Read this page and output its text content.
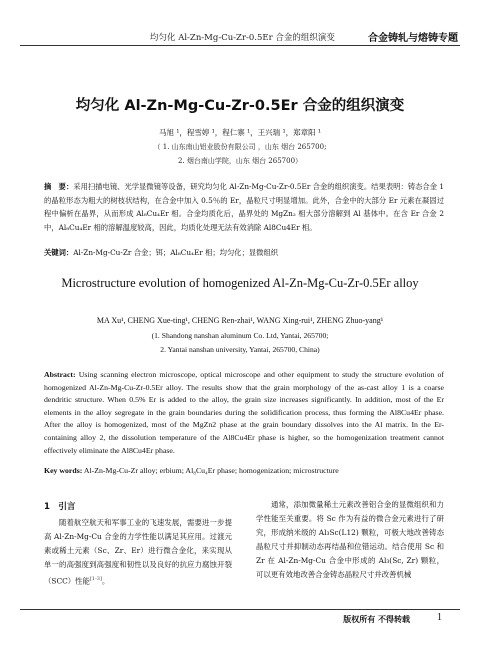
均匀化 Al-Zn-Mg-Cu-Zr-0.5Er 合金的组织演变	合金铸轧与熔铸专题
均匀化 Al-Zn-Mg-Cu-Zr-0.5Er 合金的组织演变
马旭 ¹，程雪婷 ¹，程仁寨 ¹，王兴瑞 ¹，郑章阳 ¹
（ 1. 山东南山铝业股份有限公司 ，山东 烟台 265700;
2. 烟台南山学院，山东 烟台 265700）
摘　要：采用扫描电镜、光学显微镜等设备，研究均匀化 Al-Zn-Mg-Cu-Zr-0.5Er 合金的组织演变。结果表明：铸态合金 1 的晶粒形态为粗大的树枝状结构，在合金中加入 0.5％的 Er，晶粒尺寸明显增加。此外，合金中的大部分 Er 元素在凝固过程中偏析在晶界，从而形成 Al₈Cu₄Er 相。合金均质化后，晶界处的 MgZn₂ 相大部分溶解到 Al 基体中。在含 Er 合金 2 中，Al₈Cu₄Er 相的溶解温度较高，因此，均质化处理无法有效消除 Al8Cu4Er 相。
关键词：Al-Zn-Mg-Cu-Zr 合金；铒；Al₈Cu₄Er 相；均匀化；显微组织
Microstructure evolution of homogenized Al-Zn-Mg-Cu-Zr-0.5Er alloy
MA Xu¹, CHENG Xue-ting¹, CHENG Ren-zhai¹, WANG Xing-rui¹, ZHENG Zhuo-yang¹
(1. Shandong nanshan aluminum Co. Ltd, Yantai, 265700;
2. Yantai nanshan university, Yantai, 265700, China)
Abstract: Using scanning electron microscope, optical microscope and other equipment to study the structure evolution of homogenized Al-Zn-Mg-Cu-Zr-0.5Er alloy. The results show that the grain morphology of the as-cast alloy 1 is a coarse dendritic structure. When 0.5% Er is added to the alloy, the grain size increases significantly. In addition, most of the Er elements in the alloy segregate in the grain boundaries during the solidification process, thus forming the Al8Cu4Er phase. After the alloy is homogenized, most of the MgZn2 phase at the grain boundary dissolves into the Al matrix. In the Er-containing alloy 2, the dissolution temperature of the Al8Cu4Er phase is higher, so the homogenization treatment cannot effectively eliminate the Al8Cu4Er phase.
Key words: Al-Zn-Mg-Cu-Zr alloy; erbium; Al₈Cu₄Er phase; homogenization; microstructure
1　引言
随着航空航天和军事工业的飞速发展，需要进一步提高 Al-Zn-Mg-Cu 合金的力学性能以满足其应用。过渡元素或稀土元素（Sc、Zr、Er）进行微合金化，来实现从单一的高强度到高强度和韧性以及良好的抗应力腐蚀开裂（SCC）性能[1-3]。
通常，添加微量稀土元素改善铝合金的显微组织和力学性能至关重要。将 Sc 作为有益的微合金元素进行了研究，形成纳米级的 Al₃Sc(L12) 颗粒，可极大地改善铸态晶粒尺寸并抑制动态再结晶和位错运动。结合使用 Sc 和 Zr 在 Al-Zn-Mg-Cu 合金中形成的 Al₃(Sc, Zr) 颗粒，可以更有效地改善合金铸态晶粒尺寸并改善机械
版权所有 不得转载	1
